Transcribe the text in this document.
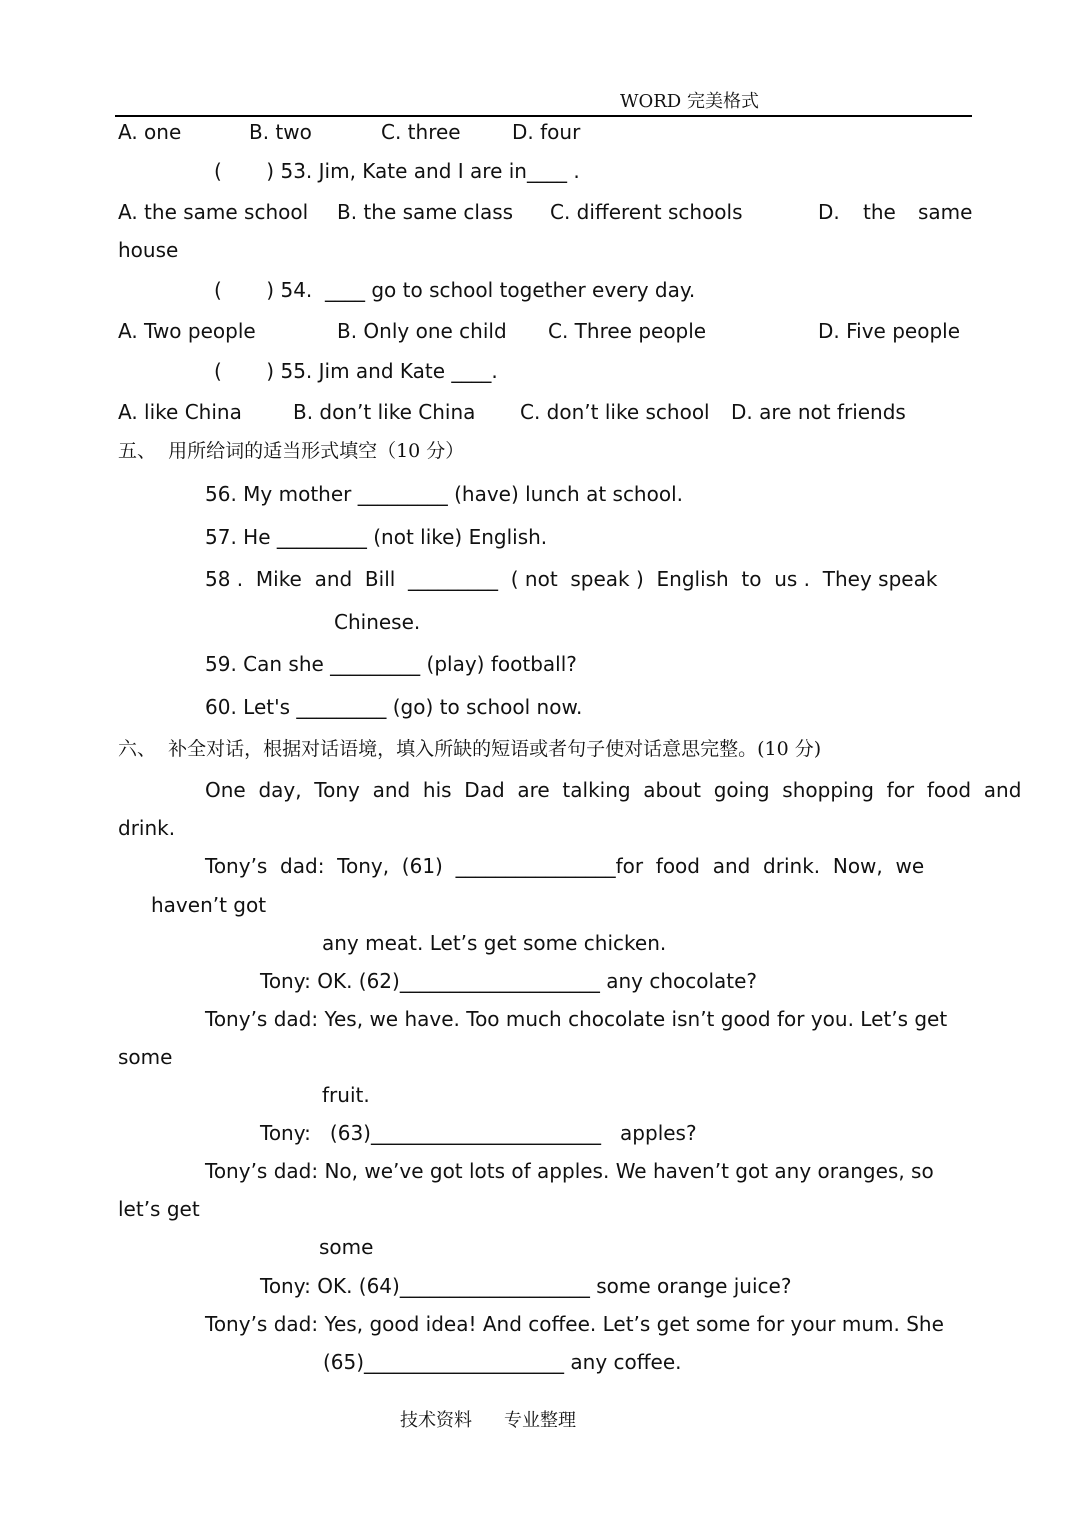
WORD 完美格式
A. one	B. two	C. three	D. four
(       ) 53. Jim, Kate and I are in____ .
A. the same school B. the same class C. different schools	D. the same
house
(       ) 54.  ____ go to school together every day.
A. Two people	B. Only one child C. Three people	D. Five people
(       ) 55. Jim and Kate ____.
A. like China	B. don’t like China C. don’t like school D. are not friends
五、  用所给词的适当形式填空（10 分）
56. My mother _________ (have) lunch at school.
57. He _________ (not like) English.
58 .  Mike  and  Bill  _________  ( not  speak )  English  to  us .  They speak
Chinese.
59. Can she _________ (play) football?
60. Let's _________ (go) to school now.
六、  补全对话，根据对话语境，填入所缺的短语或者句子使对话意思完整。(10 分)
One  day,  Tony  and  his  Dad  are  talking  about  going  shopping  for  food  and
drink.
Tony’s  dad:  Tony,  (61)  ________________for  food  and  drink.  Now,  we
haven’t got
any meat. Let’s get some chicken.
Tony: OK. (62)____________________ any chocolate?
Tony’s dad: Yes, we have. Too much chocolate isn’t good for you. Let’s get
some
fruit.
Tony:   (63)_______________________   apples?
Tony’s dad: No, we’ve got lots of apples. We haven’t got any oranges, so
let’s get
some
Tony: OK. (64)___________________ some orange juice?
Tony’s dad: Yes, good idea! And coffee. Let’s get some for your mum. She
(65)____________________ any coffee.
技术资料 专业整理
